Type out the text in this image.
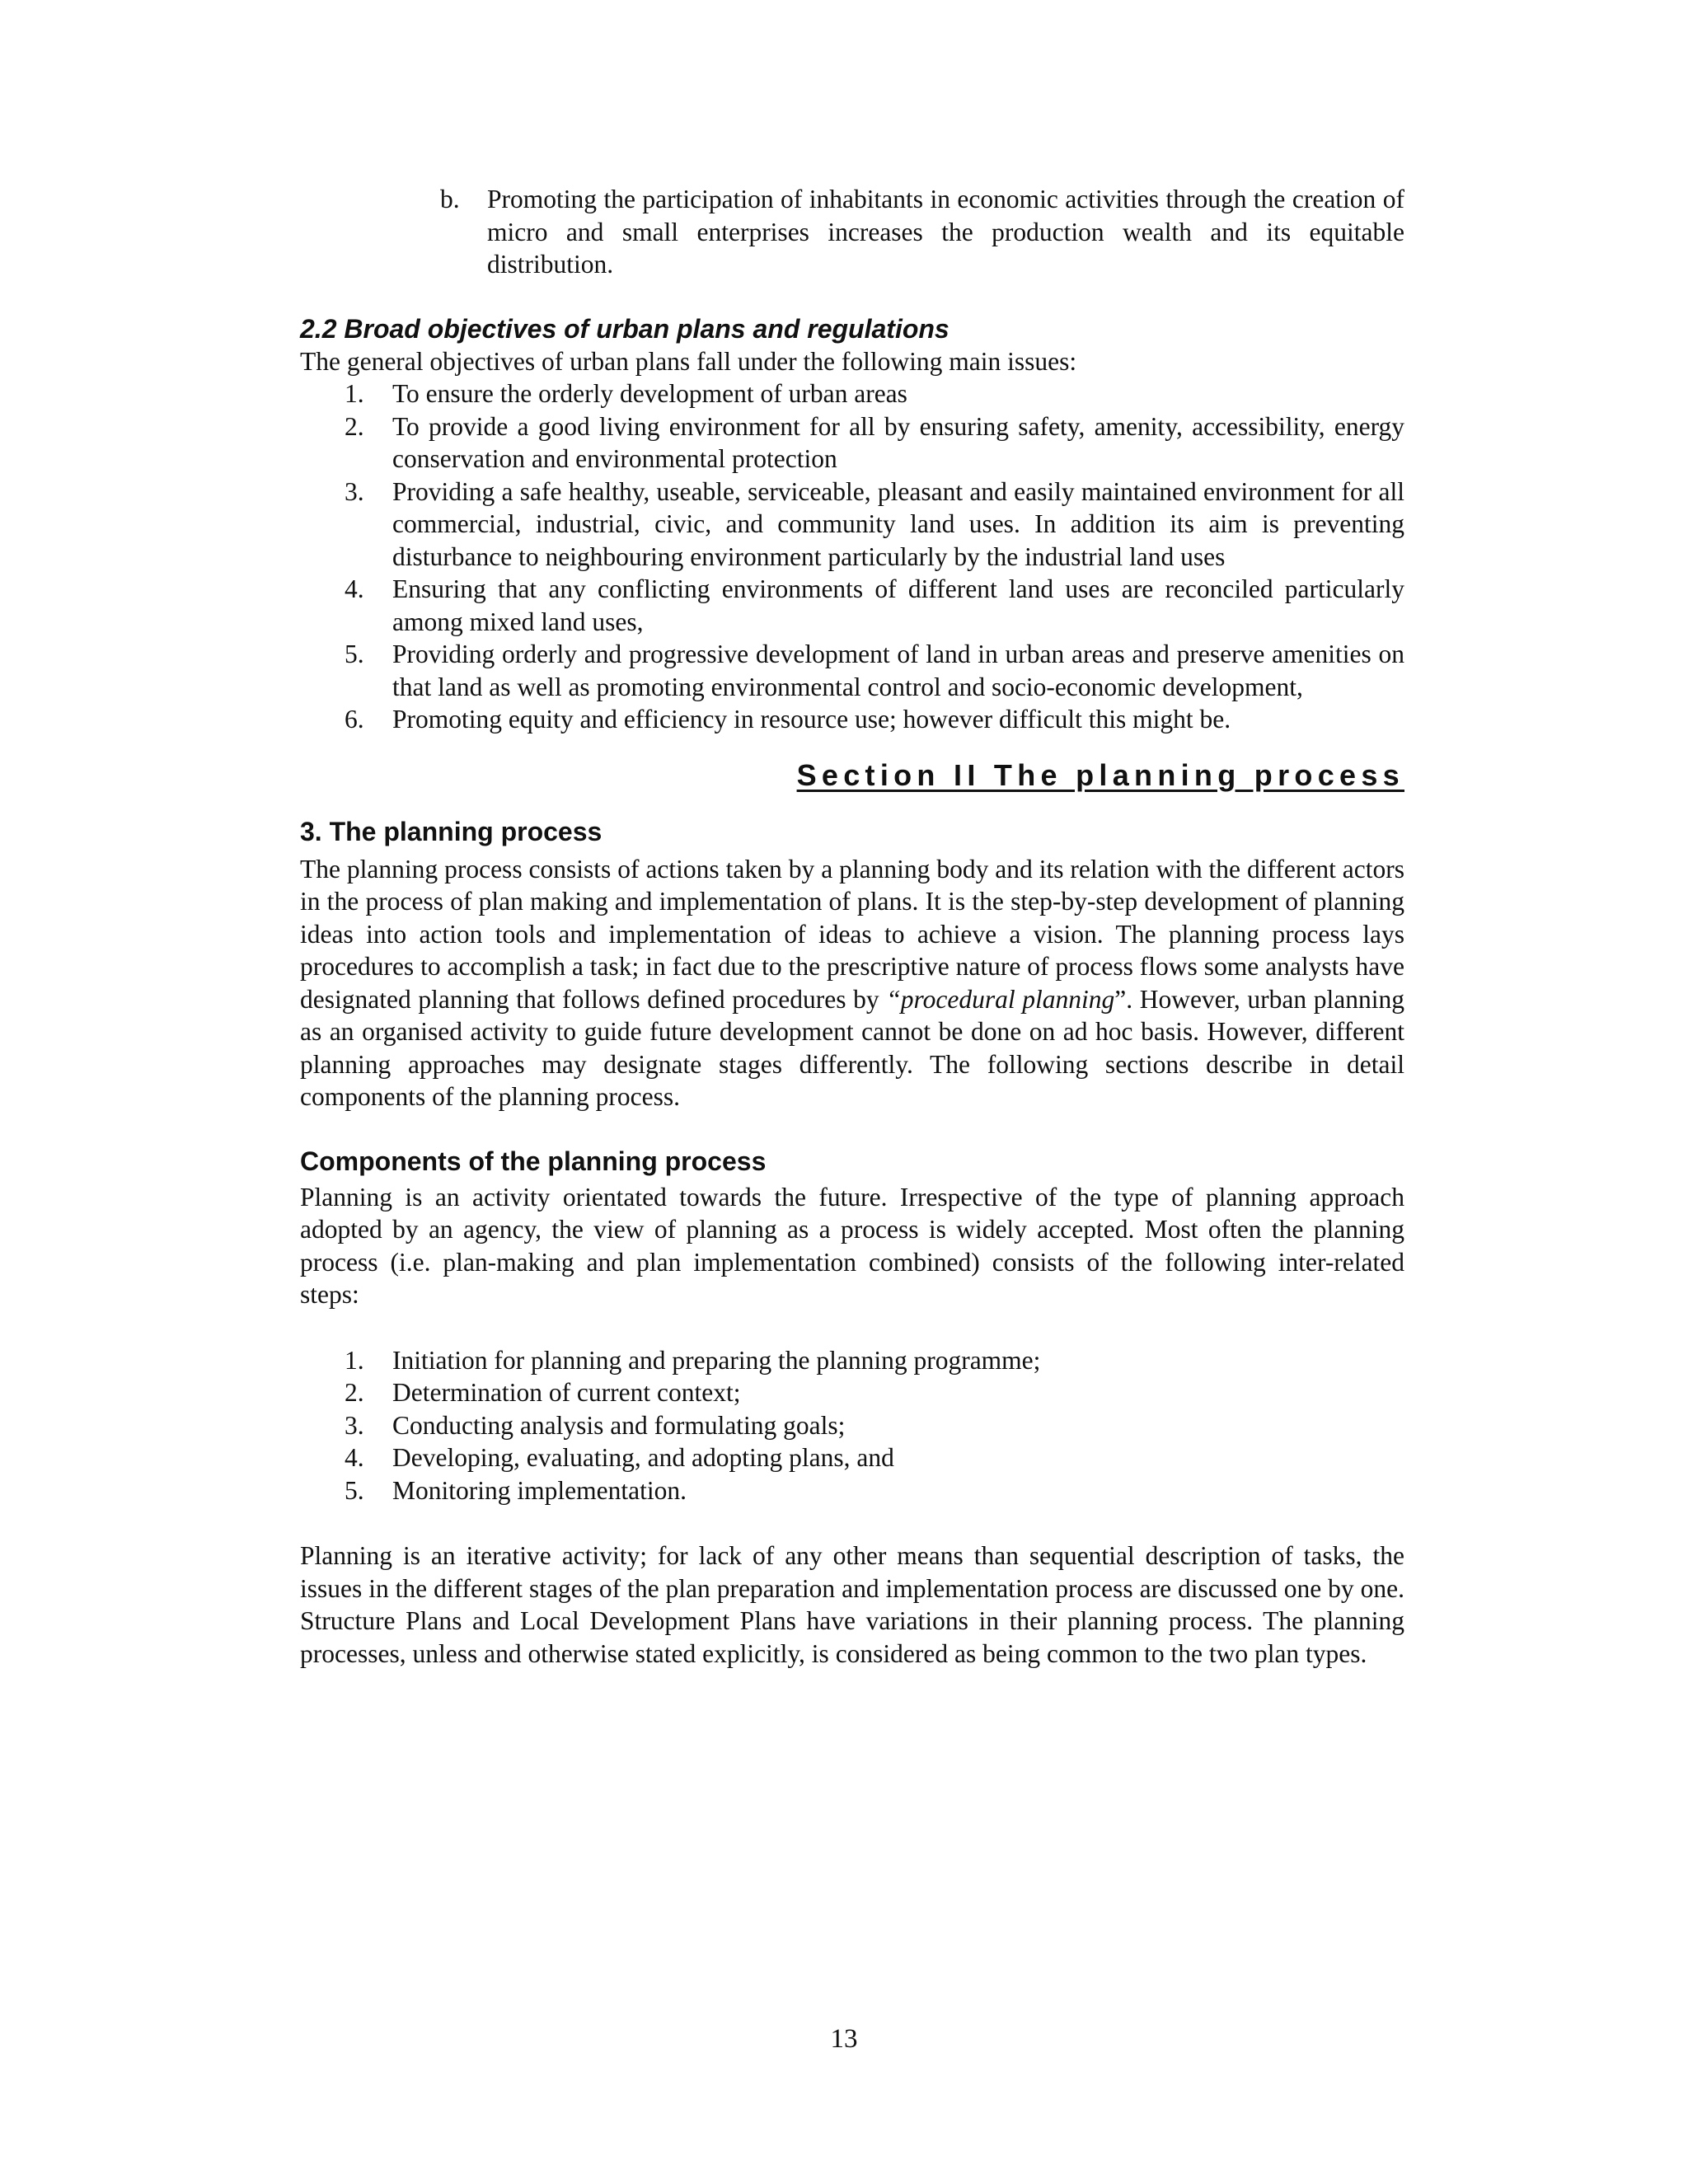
b.	Promoting the participation of inhabitants in economic activities through the creation of micro and small enterprises increases the production wealth and its equitable distribution.
2.2 Broad objectives of urban plans and regulations

The general objectives of urban plans fall under the following main issues:

1.	To ensure the orderly development of urban areas
2.	To provide a good living environment for all by ensuring safety, amenity, accessibility, energy conservation and environmental protection
3.	Providing a safe healthy, useable, serviceable, pleasant and easily maintained environment for all commercial, industrial, civic, and community land uses. In addition its aim is preventing disturbance to neighbouring environment particularly by the industrial land uses
4.	Ensuring that any conflicting environments of different land uses are reconciled particularly among mixed land uses,
5.	Providing orderly and progressive development of land in urban areas and preserve amenities on that land as well as promoting environmental control and socio-economic development,
6.	Promoting equity and efficiency in resource use; however difficult this might be.
Section II The planning process
3. The planning process

The planning process consists of actions taken by a planning body and its relation with the different actors in the process of plan making and implementation of plans. It is the step-by-step development of planning ideas into action tools and implementation of ideas to achieve a vision. The planning process lays procedures to accomplish a task; in fact due to the prescriptive nature of process flows some analysts have designated planning that follows defined procedures by “procedural planning”. However, urban planning as an organised activity to guide future development cannot be done on ad hoc basis. However, different planning approaches may designate stages differently. The following sections describe in detail components of the planning process.

Components of the planning process

Planning is an activity orientated towards the future. Irrespective of the type of planning approach adopted by an agency, the view of planning as a process is widely accepted. Most often the planning process (i.e. plan-making and plan implementation combined) consists of the following inter-related steps:

1.	Initiation for planning and preparing the planning programme;
2.	Determination of current context;
3.	Conducting analysis and formulating goals;
4.	Developing, evaluating, and adopting plans, and
5.	Monitoring implementation.

Planning is an iterative activity; for lack of any other means than sequential description of tasks, the issues in the different stages of the plan preparation and implementation process are discussed one by one. Structure Plans and Local Development Plans have variations in their planning process. The planning processes, unless and otherwise stated explicitly, is considered as being common to the two plan types.

13
